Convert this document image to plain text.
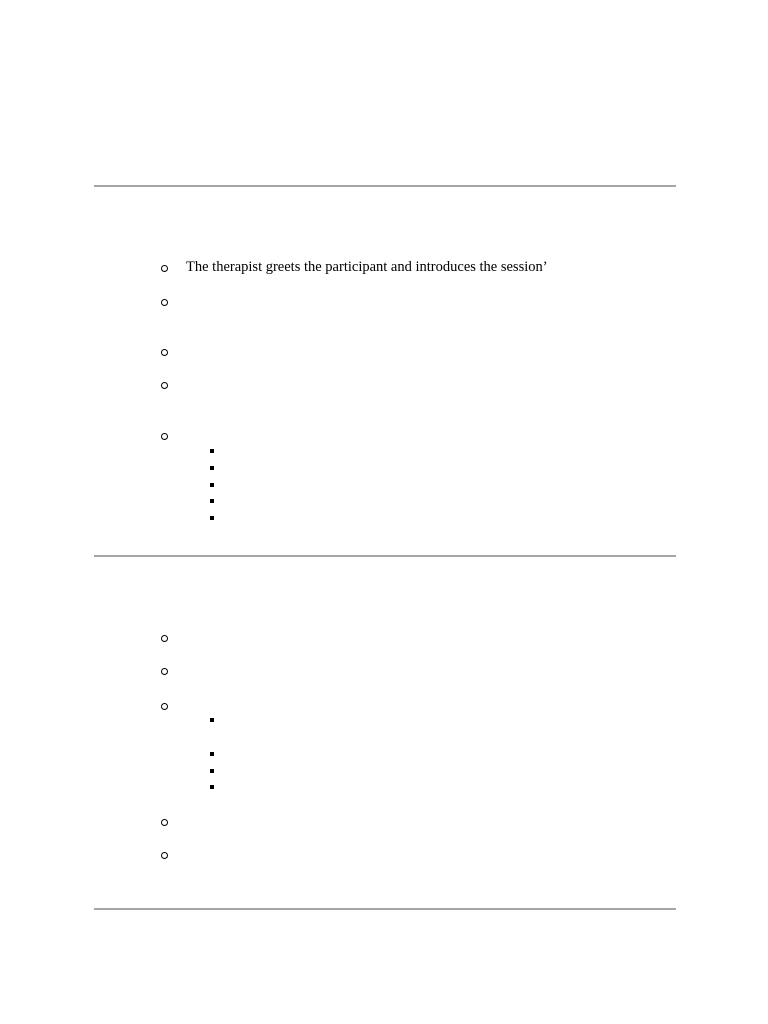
The therapist greets the participant and introduces the session’
